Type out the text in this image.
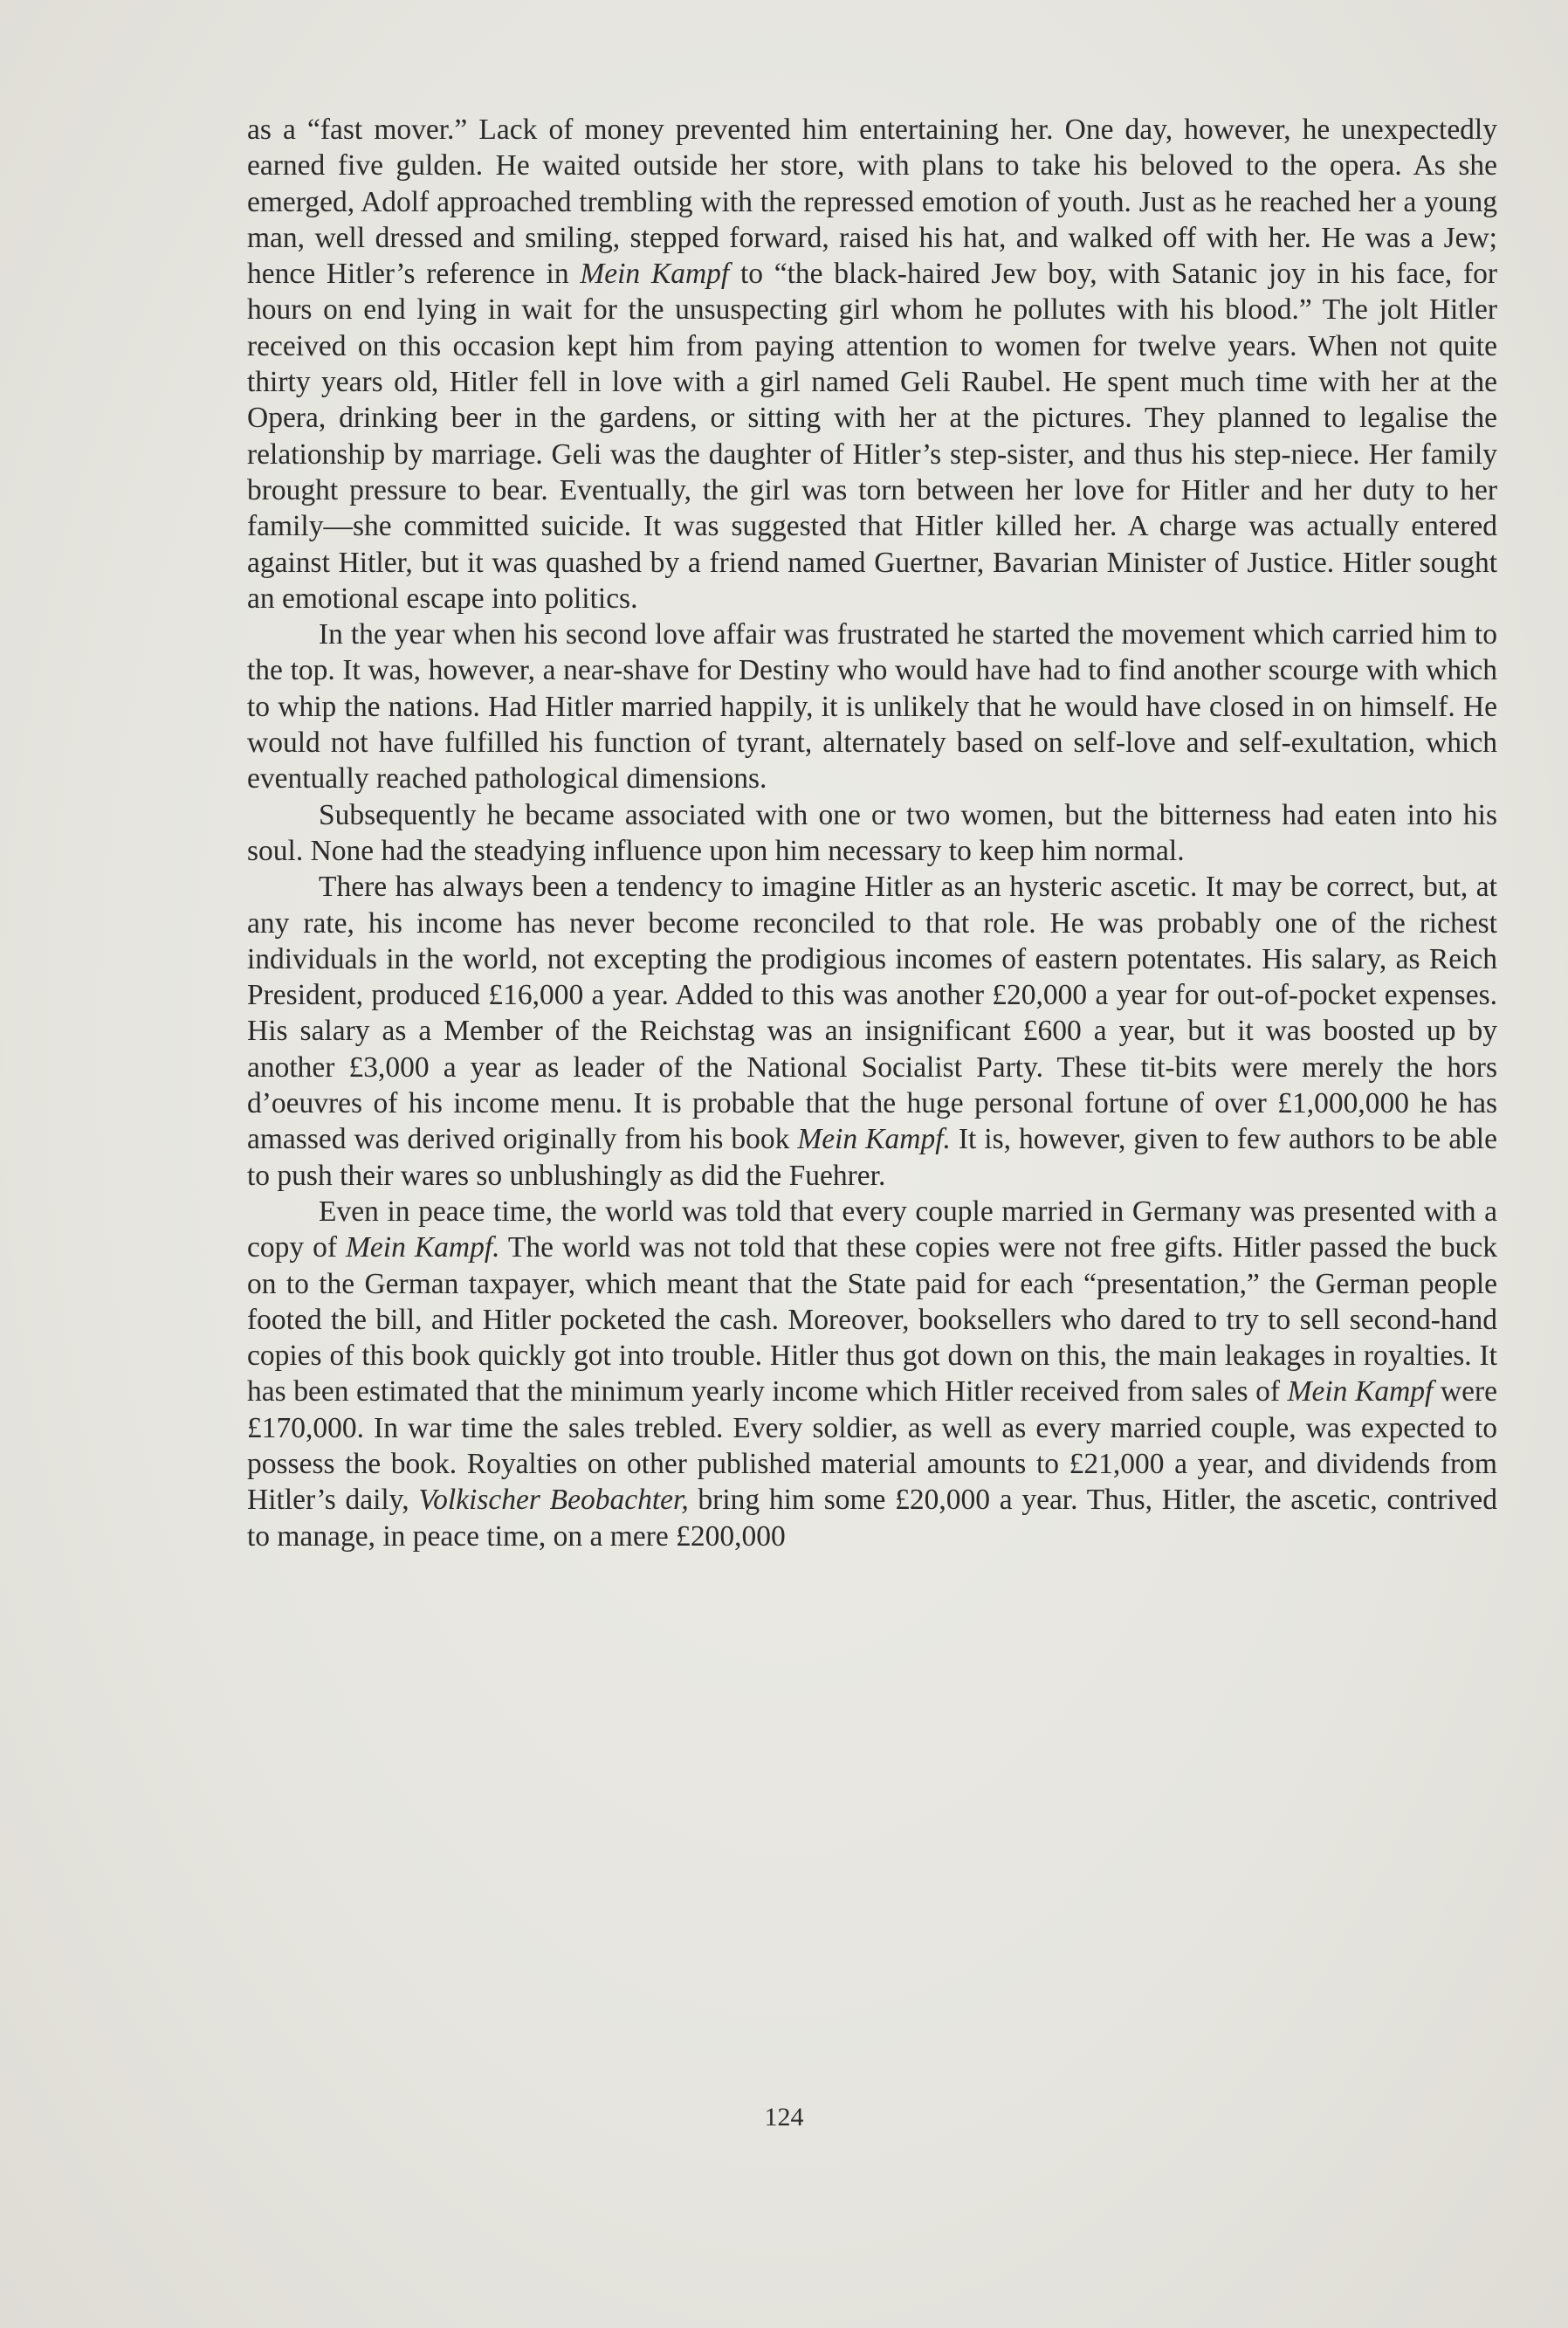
as a “fast mover.” Lack of money prevented him entertaining her. One day, however, he unexpectedly earned five gulden. He waited outside her store, with plans to take his beloved to the opera. As she emerged, Adolf approached trembling with the repressed emotion of youth. Just as he reached her a young man, well dressed and smiling, stepped forward, raised his hat, and walked off with her. He was a Jew; hence Hitler’s reference in Mein Kampf to “the black-haired Jew boy, with Satanic joy in his face, for hours on end lying in wait for the unsuspecting girl whom he pollutes with his blood.” The jolt Hitler received on this occasion kept him from paying attention to women for twelve years. When not quite thirty years old, Hitler fell in love with a girl named Geli Raubel. He spent much time with her at the Opera, drinking beer in the gardens, or sitting with her at the pictures. They planned to legalise the relationship by marriage. Geli was the daughter of Hitler’s step-sister, and thus his step-niece. Her family brought pressure to bear. Eventually, the girl was torn between her love for Hitler and her duty to her family—she committed suicide. It was suggested that Hitler killed her. A charge was actually entered against Hitler, but it was quashed by a friend named Guertner, Bavarian Minister of Justice. Hitler sought an emotional escape into politics.

In the year when his second love affair was frustrated he started the movement which carried him to the top. It was, however, a near-shave for Destiny who would have had to find another scourge with which to whip the nations. Had Hitler married happily, it is unlikely that he would have closed in on himself. He would not have fulfilled his function of tyrant, alternately based on self-love and self-exultation, which eventually reached pathological dimensions.

Subsequently he became associated with one or two women, but the bitterness had eaten into his soul. None had the steadying influence upon him necessary to keep him normal.

There has always been a tendency to imagine Hitler as an hysteric ascetic. It may be correct, but, at any rate, his income has never become reconciled to that role. He was probably one of the richest individuals in the world, not excepting the prodigious incomes of eastern potentates. His salary, as Reich President, produced £16,000 a year. Added to this was another £20,000 a year for out-of-pocket expenses. His salary as a Member of the Reichstag was an insignificant £600 a year, but it was boosted up by another £3,000 a year as leader of the National Socialist Party. These tit-bits were merely the hors d’oeuvres of his income menu. It is probable that the huge personal fortune of over £1,000,000 he has amassed was derived originally from his book Mein Kampf. It is, however, given to few authors to be able to push their wares so unblushingly as did the Fuehrer.

Even in peace time, the world was told that every couple married in Germany was presented with a copy of Mein Kampf. The world was not told that these copies were not free gifts. Hitler passed the buck on to the German taxpayer, which meant that the State paid for each “presentation,” the German people footed the bill, and Hitler pocketed the cash. Moreover, booksellers who dared to try to sell second-hand copies of this book quickly got into trouble. Hitler thus got down on this, the main leakages in royalties. It has been estimated that the minimum yearly income which Hitler received from sales of Mein Kampf were £170,000. In war time the sales trebled. Every soldier, as well as every married couple, was expected to possess the book. Royalties on other published material amounts to £21,000 a year, and dividends from Hitler’s daily, Volkischer Beobachter, bring him some £20,000 a year. Thus, Hitler, the ascetic, contrived to manage, in peace time, on a mere £200,000

124
